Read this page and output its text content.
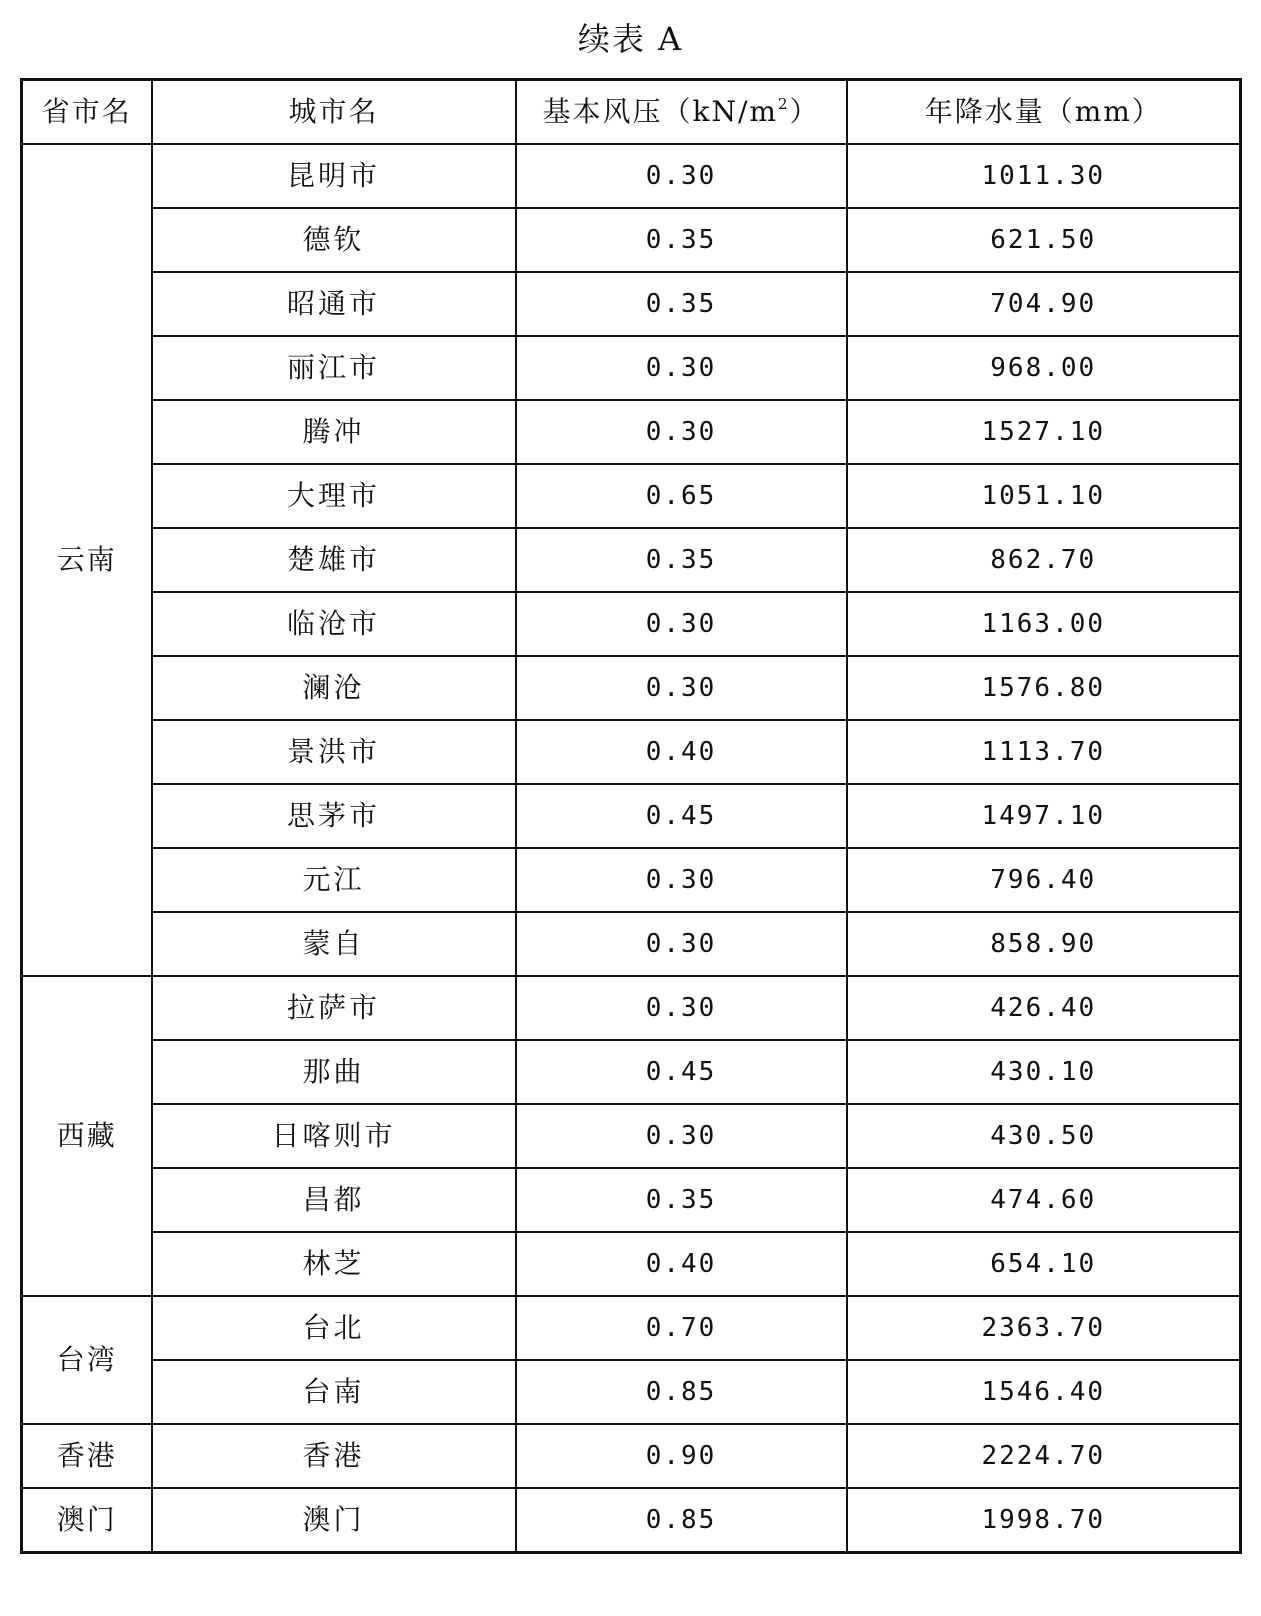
续表 A
省市名	城市名	基本风压$(kN/m^2)$	年降水量（mm）
云南	昆明市	0.30	1011.30
	德钦	0.35	621.50
	昭通市	0.35	704.90
	丽江市	0.30	968.00
	腾冲	0.30	1527.10
	大理市	0.65	1051.10
	楚雄市	0.35	862.70
	临沧市	0.30	1163.00
	澜沧	0.30	1576.80
	景洪市	0.40	1113.70
	思茅市	0.45	1497.10
	元江	0.30	796.40
	蒙自	0.30	858.90
西藏	拉萨市	0.30	426.40
	那曲	0.45	430.10
	日喀则市	0.30	430.50
	昌都	0.35	474.60
	林芝	0.40	654.10
台湾	台北	0.70	2363.70
	台南	0.85	1546.40
香港	香港	0.90	2224.70
澳门	澳门	0.85	1998.70
